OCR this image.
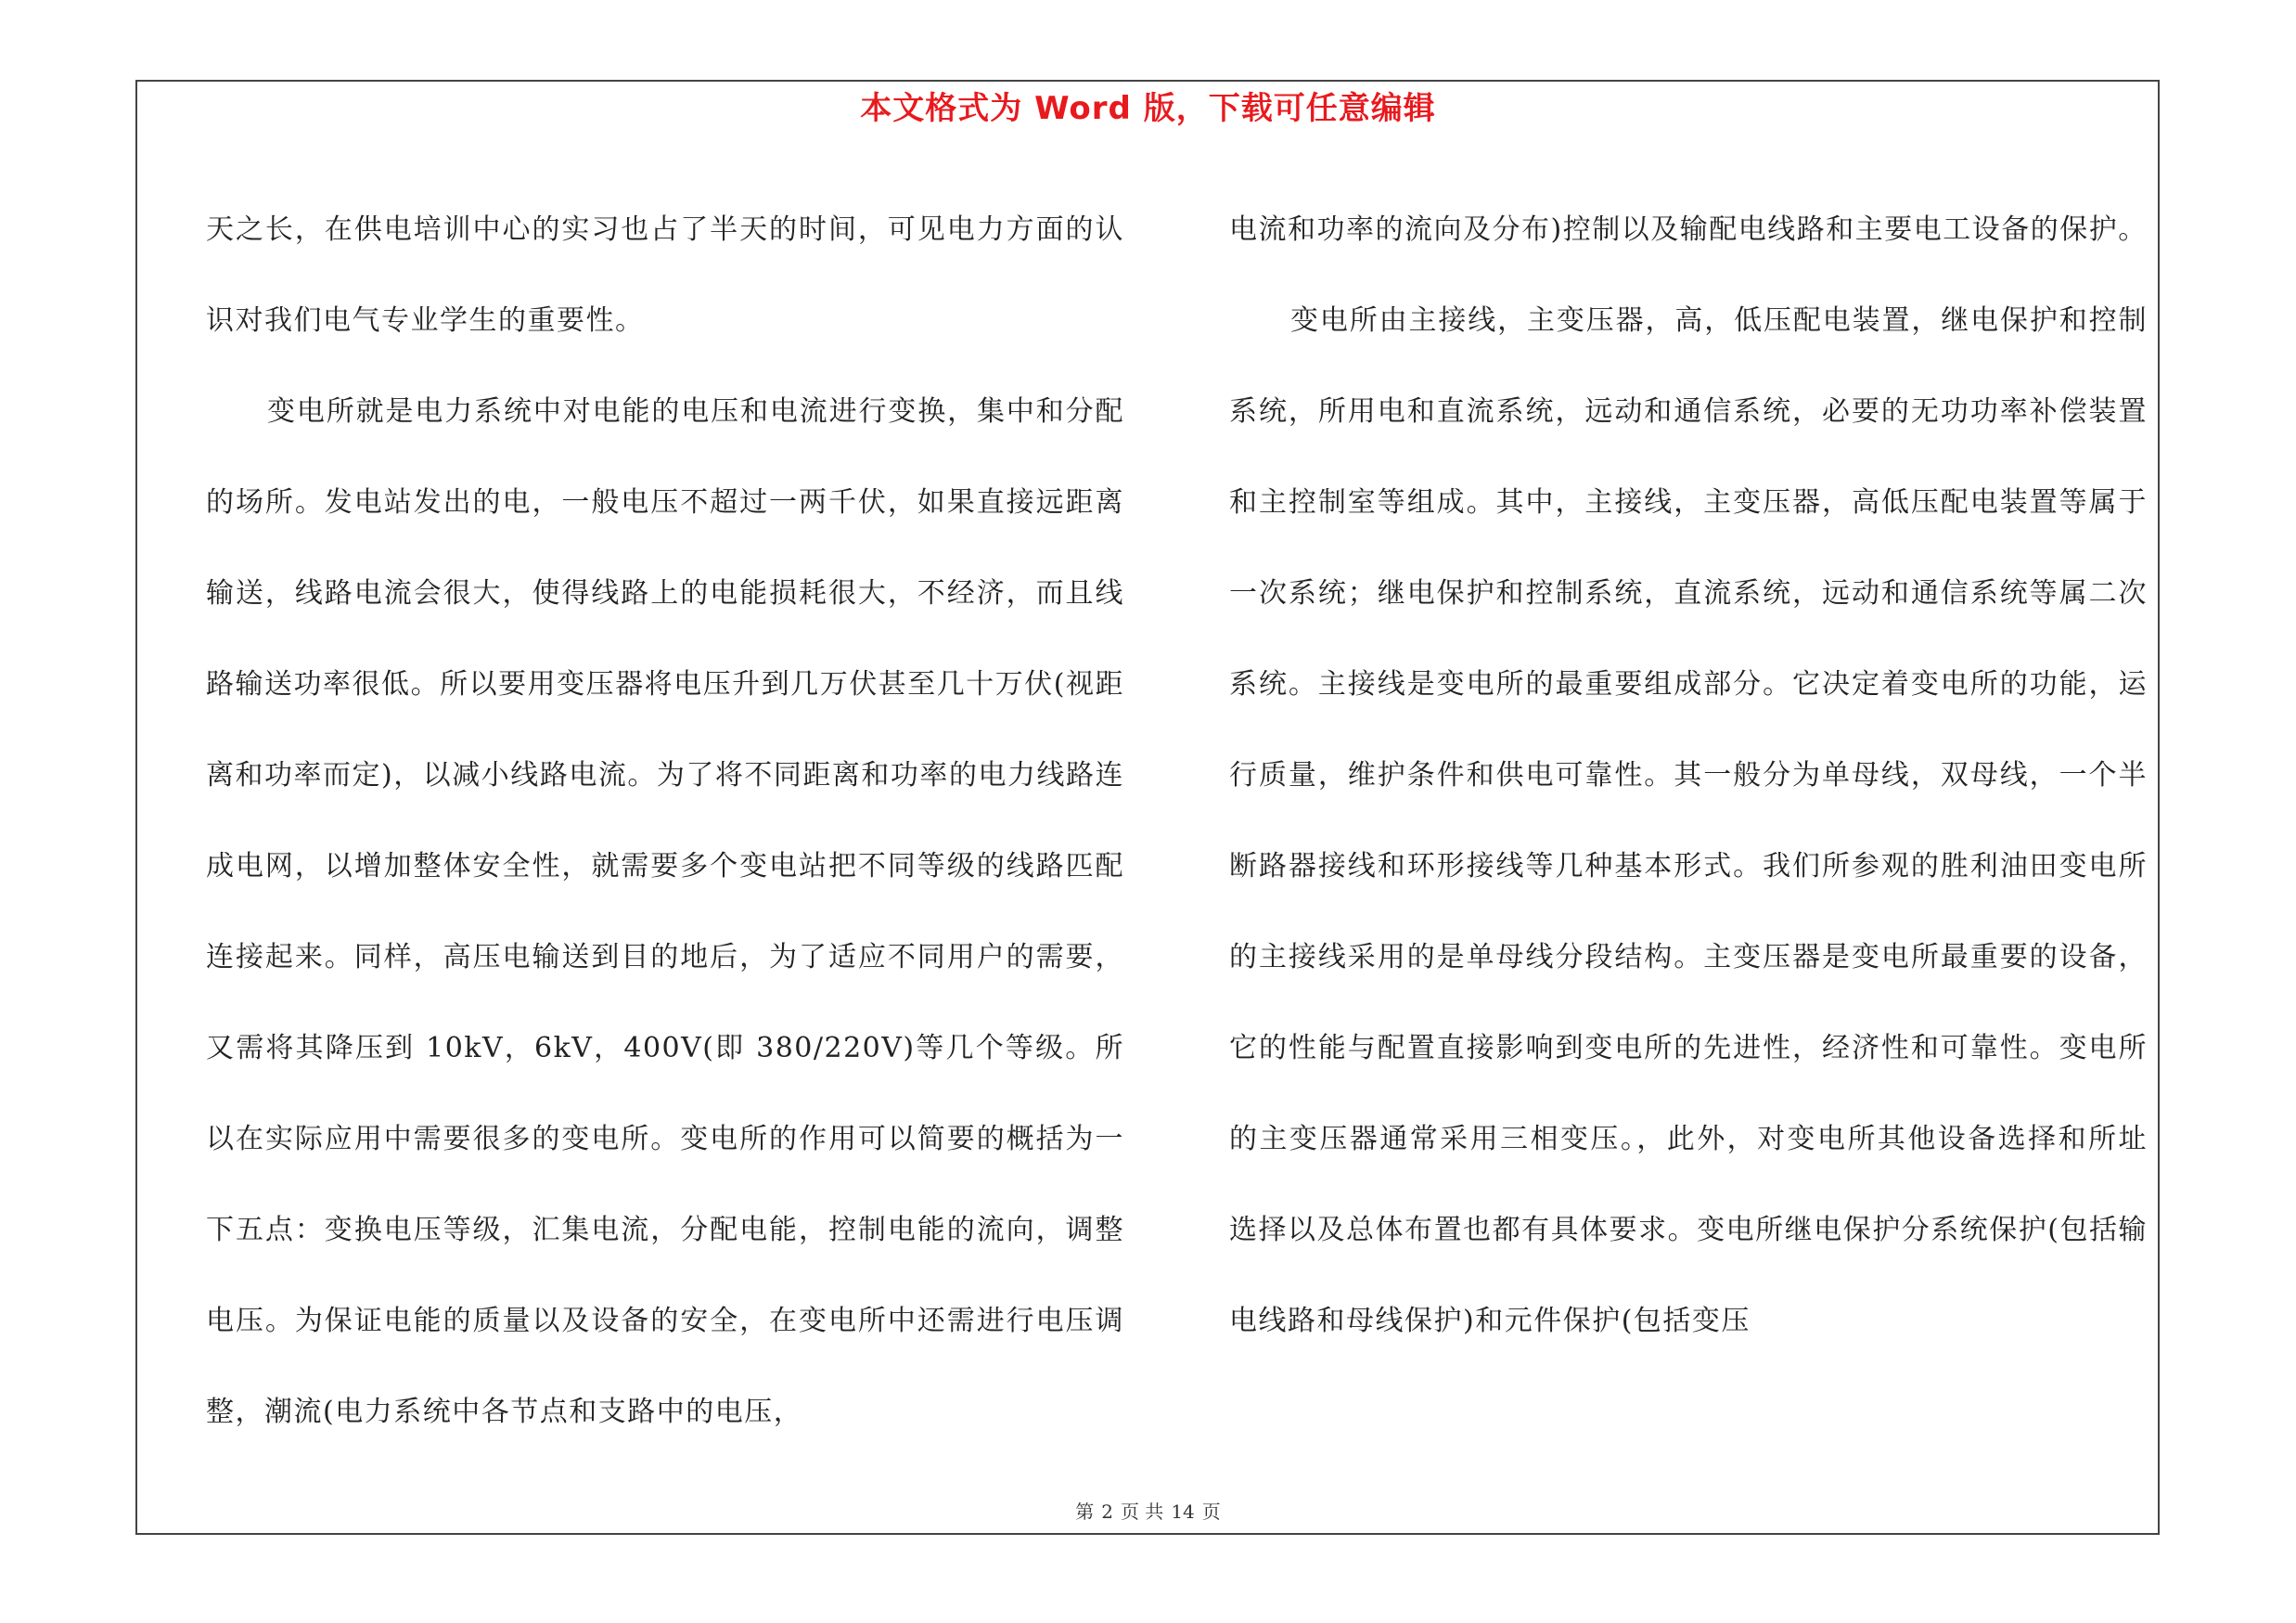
本文格式为 Word 版，下载可任意编辑

天之长，在供电培训中心的实习也占了半天的时间，可见电力方面的认识对我们电气专业学生的重要性。

变电所就是电力系统中对电能的电压和电流进行变换，集中和分配的场所。发电站发出的电，一般电压不超过一两千伏，如果直接远距离输送，线路电流会很大，使得线路上的电能损耗很大，不经济，而且线路输送功率很低。所以要用变压器将电压升到几万伏甚至几十万伏(视距离和功率而定)，以减小线路电流。为了将不同距离和功率的电力线路连成电网，以增加整体安全性，就需要多个变电站把不同等级的线路匹配连接起来。同样，高压电输送到目的地后，为了适应不同用户的需要，又需将其降压到 10kV，6kV，400V(即 380/220V)等几个等级。所以在实际应用中需要很多的变电所。变电所的作用可以简要的概括为一下五点：变换电压等级，汇集电流，分配电能，控制电能的流向，调整电压。为保证电能的质量以及设备的安全，在变电所中还需进行电压调整，潮流(电力系统中各节点和支路中的电压，

电流和功率的流向及分布)控制以及输配电线路和主要电工设备的保护。

变电所由主接线，主变压器，高，低压配电装置，继电保护和控制系统，所用电和直流系统，远动和通信系统，必要的无功功率补偿装置和主控制室等组成。其中，主接线，主变压器，高低压配电装置等属于一次系统；继电保护和控制系统，直流系统，远动和通信系统等属二次系统。主接线是变电所的最重要组成部分。它决定着变电所的功能，运行质量，维护条件和供电可靠性。其一般分为单母线，双母线，一个半断路器接线和环形接线等几种基本形式。我们所参观的胜利油田变电所的主接线采用的是单母线分段结构。主变压器是变电所最重要的设备，它的性能与配置直接影响到变电所的先进性，经济性和可靠性。变电所的主变压器通常采用三相变压。，此外，对变电所其他设备选择和所址选择以及总体布置也都有具体要求。变电所继电保护分系统保护(包括输电线路和母线保护)和元件保护(包括变压

第 2 页 共 14 页
